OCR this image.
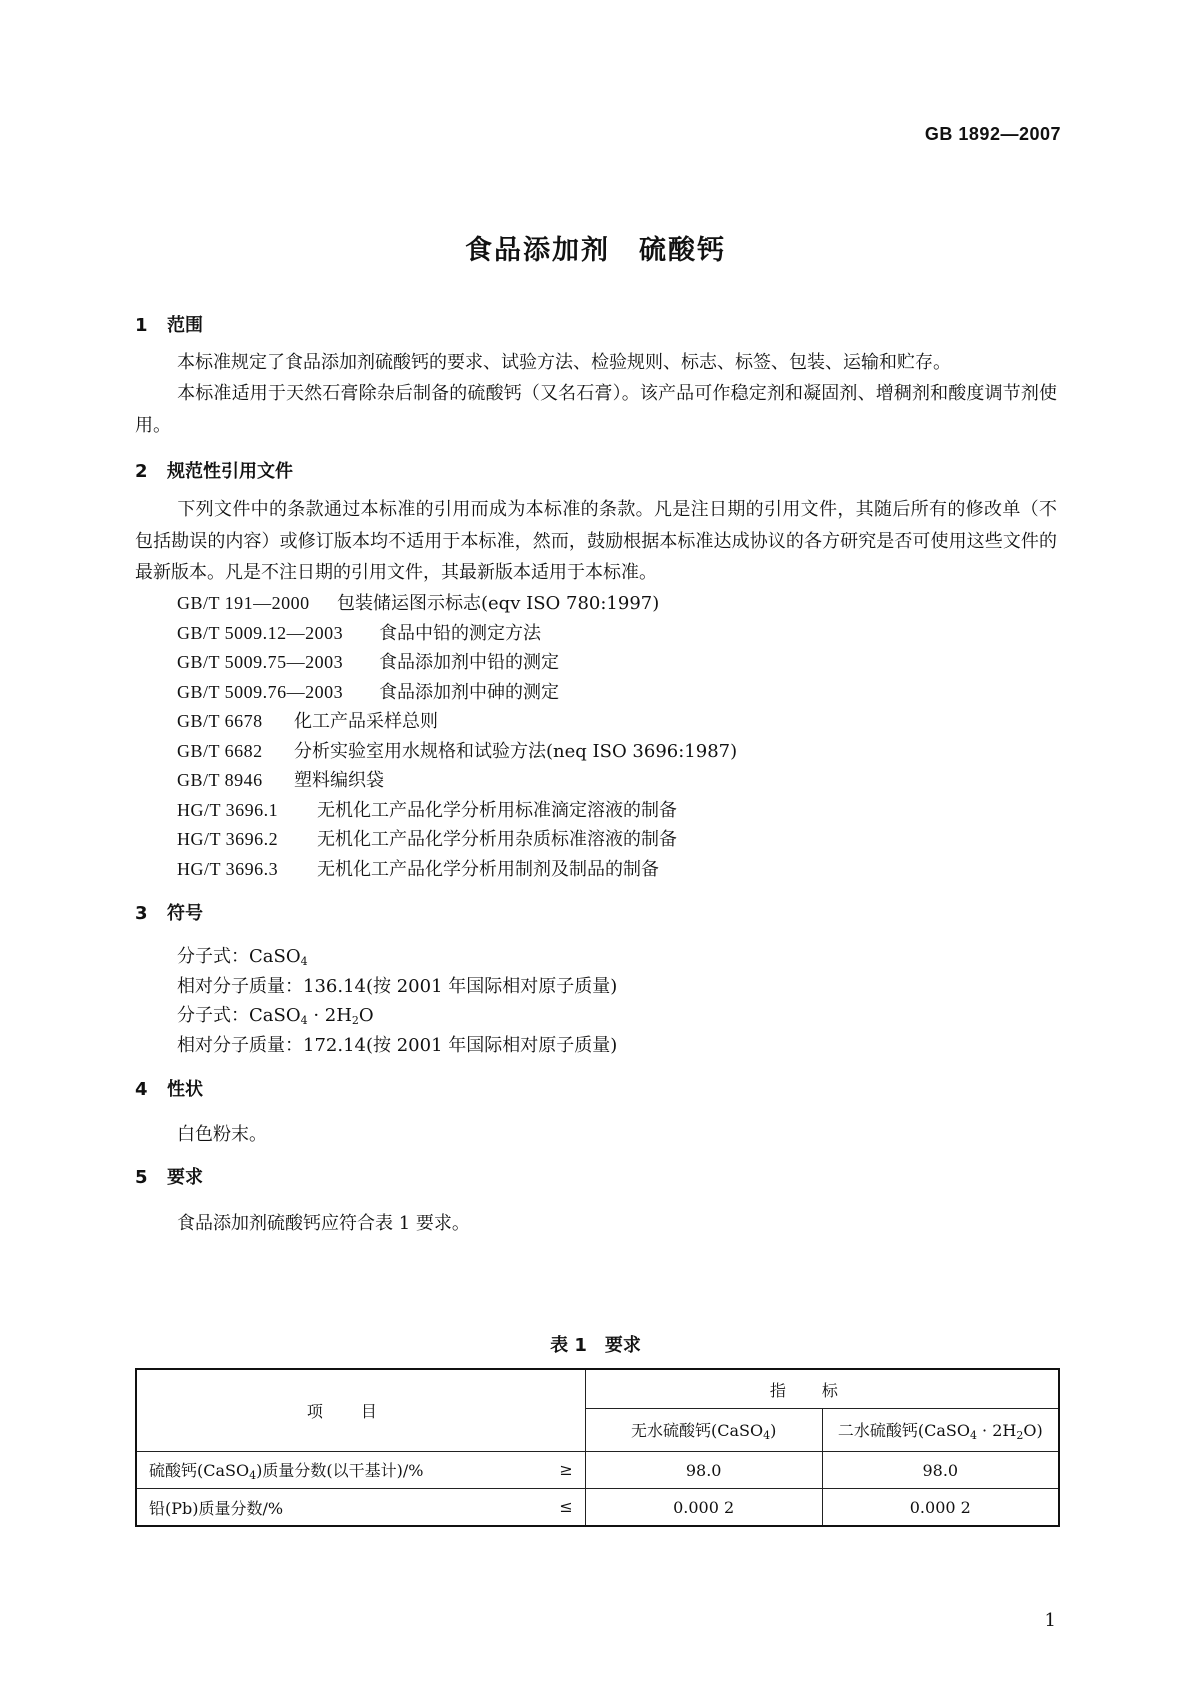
GB 1892—2007
食品添加剂　硫酸钙
1 范围
本标准规定了食品添加剂硫酸钙的要求、试验方法、检验规则、标志、标签、包装、运输和贮存。
本标准适用于天然石膏除杂后制备的硫酸钙（又名石膏）。该产品可作稳定剂和凝固剂、增稠剂和酸度调节剂使用。
2 规范性引用文件
下列文件中的条款通过本标准的引用而成为本标准的条款。凡是注日期的引用文件，其随后所有的修改单（不包括勘误的内容）或修订版本均不适用于本标准，然而，鼓励根据本标准达成协议的各方研究是否可使用这些文件的最新版本。凡是不注日期的引用文件，其最新版本适用于本标准。
GB/T 191—2000 包装储运图示标志(eqv ISO 780:1997)
GB/T 5009.12—2003 食品中铅的测定方法
GB/T 5009.75—2003 食品添加剂中铅的测定
GB/T 5009.76—2003 食品添加剂中砷的测定
GB/T 6678 化工产品采样总则
GB/T 6682 分析实验室用水规格和试验方法(neq ISO 3696:1987)
GB/T 8946 塑料编织袋
HG/T 3696.1 无机化工产品化学分析用标准滴定溶液的制备
HG/T 3696.2 无机化工产品化学分析用杂质标准溶液的制备
HG/T 3696.3 无机化工产品化学分析用制剂及制品的制备
3 符号
分子式：CaSO$_4$
相对分子质量：136.14(按 2001 年国际相对原子质量)
分子式：CaSO$_4$ · $2H_2O$
相对分子质量：172.14(按 2001 年国际相对原子质量)
4 性状
白色粉末。
5 要求
食品添加剂硫酸钙应符合表 1 要求。
表 1　要求
项目	指标	
	无水硫酸钙(CaSO$_4$)	二水硫酸钙(CaSO$_4$ · $2H_2O$)
硫酸钙(CaSO$_4$)质量分数(以干基计)/% ≥	98.0	98.0
铅(Pb)质量分数/% ≤	0.000 2	0.000 2
1
